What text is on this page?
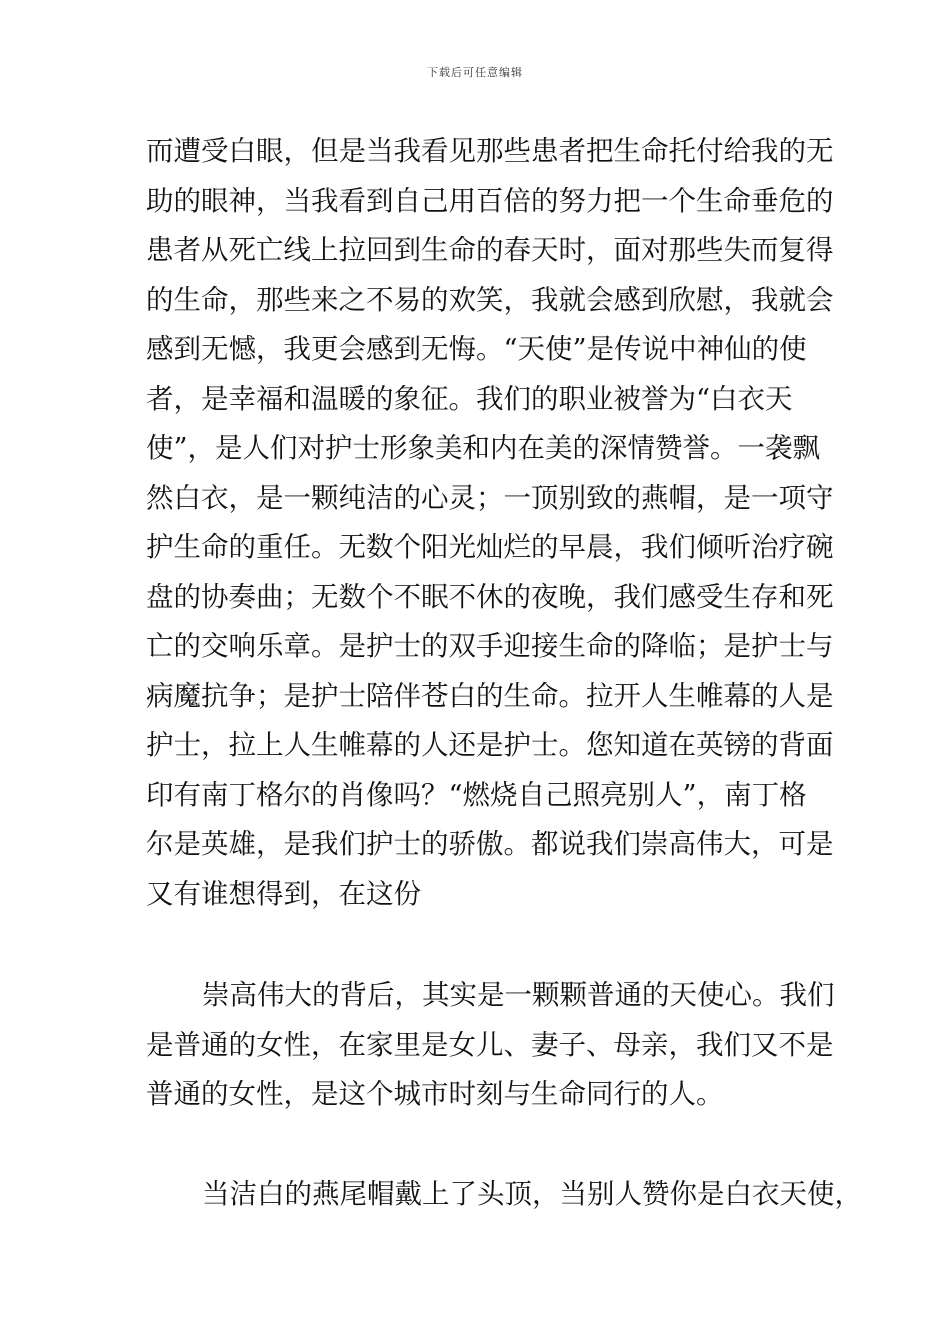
下载后可任意编辑
而遭受白眼，但是当我看见那些患者把生命托付给我的无
助的眼神，当我看到自己用百倍的努力把一个生命垂危的
患者从死亡线上拉回到生命的春天时，面对那些失而复得
的生命，那些来之不易的欢笑，我就会感到欣慰，我就会
感到无憾，我更会感到无悔。“天使”是传说中神仙的使
者，是幸福和温暖的象征。我们的职业被誉为“白衣天
使”，是人们对护士形象美和内在美的深情赞誉。一袭飘
然白衣，是一颗纯洁的心灵；一顶别致的燕帽，是一项守
护生命的重任。无数个阳光灿烂的早晨，我们倾听治疗碗
盘的协奏曲；无数个不眠不休的夜晚，我们感受生存和死
亡的交响乐章。是护士的双手迎接生命的降临；是护士与
病魔抗争；是护士陪伴苍白的生命。拉开人生帷幕的人是
护士，拉上人生帷幕的人还是护士。您知道在英镑的背面
印有南丁格尔的肖像吗？“燃烧自己照亮别人”，南丁格
尔是英雄，是我们护士的骄傲。都说我们崇高伟大，可是
又有谁想得到，在这份
崇高伟大的背后，其实是一颗颗普通的天使心。我们
是普通的女性，在家里是女儿、妻子、母亲，我们又不是
普通的女性，是这个城市时刻与生命同行的人。
当洁白的燕尾帽戴上了头顶，当别人赞你是白衣天使，
